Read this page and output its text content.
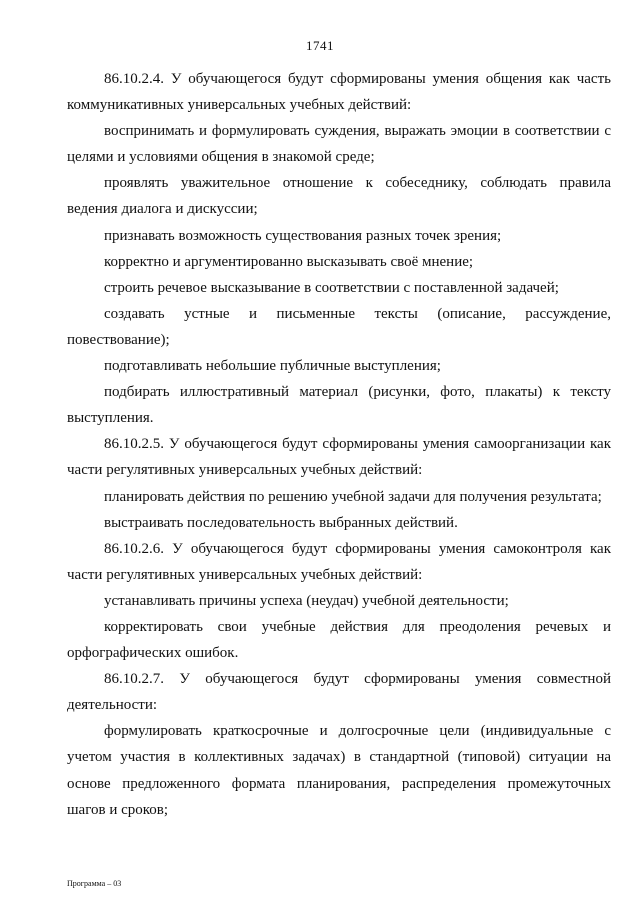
1741

86.10.2.4. У обучающегося будут сформированы умения общения как часть коммуникативных универсальных учебных действий:

воспринимать и формулировать суждения, выражать эмоции в соответствии с целями и условиями общения в знакомой среде;

проявлять уважительное отношение к собеседнику, соблюдать правила ведения диалога и дискуссии;

признавать возможность существования разных точек зрения;

корректно и аргументированно высказывать своё мнение;

строить речевое высказывание в соответствии с поставленной задачей;

создавать устные и письменные тексты (описание, рассуждение, повествование);

подготавливать небольшие публичные выступления;

подбирать иллюстративный материал (рисунки, фото, плакаты) к тексту выступления.

86.10.2.5. У обучающегося будут сформированы умения самоорганизации как части регулятивных универсальных учебных действий:

планировать действия по решению учебной задачи для получения результата;

выстраивать последовательность выбранных действий.

86.10.2.6. У обучающегося будут сформированы умения самоконтроля как части регулятивных универсальных учебных действий:

устанавливать причины успеха (неудач) учебной деятельности;

корректировать свои учебные действия для преодоления речевых и орфографических ошибок.

86.10.2.7. У обучающегося будут сформированы умения совместной деятельности:

формулировать краткосрочные и долгосрочные цели (индивидуальные с учетом участия в коллективных задачах) в стандартной (типовой) ситуации на основе предложенного формата планирования, распределения промежуточных шагов и сроков;

Программа – 03
